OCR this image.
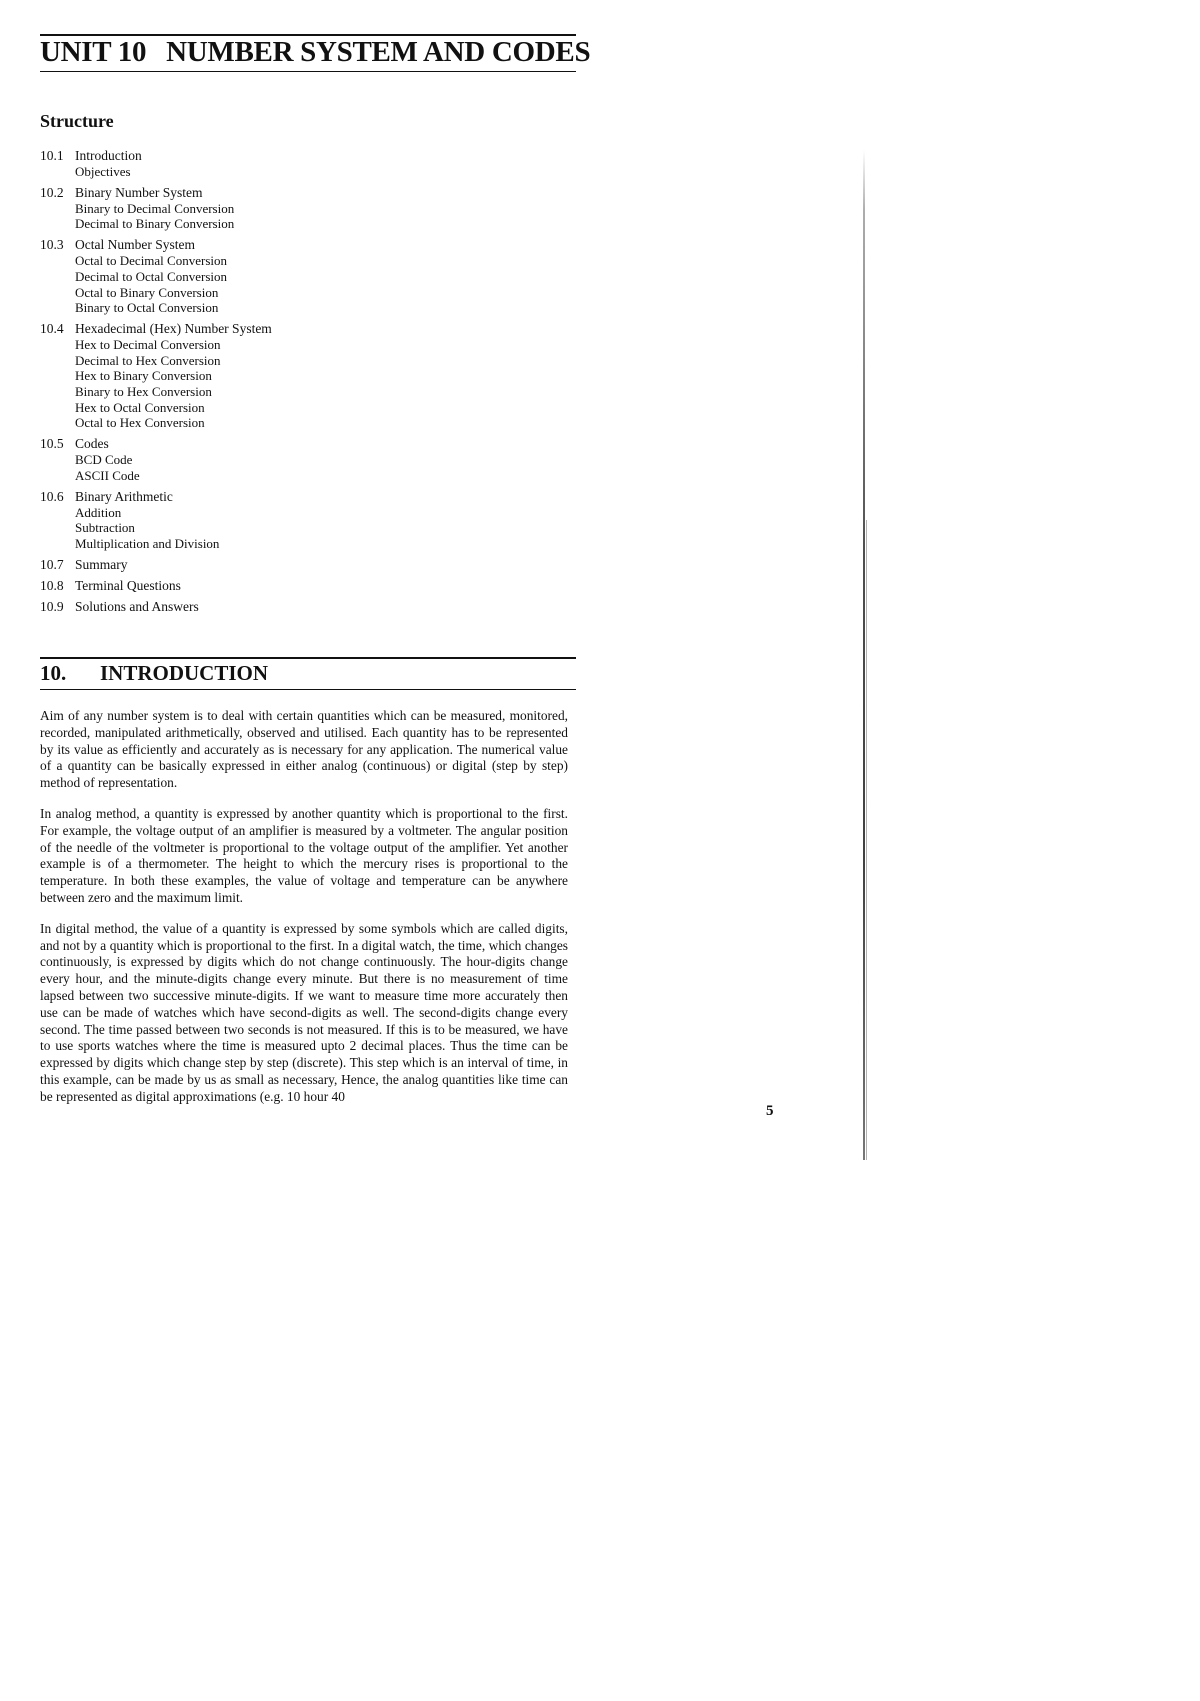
UNIT 10 NUMBER SYSTEM AND CODES
Structure
10.1 Introduction
Objectives
10.2 Binary Number System
Binary to Decimal Conversion
Decimal to Binary Conversion
10.3 Octal Number System
Octal to Decimal Conversion
Decimal to Octal Conversion
Octal to Binary Conversion
Binary to Octal Conversion
10.4 Hexadecimal (Hex) Number System
Hex to Decimal Conversion
Decimal to Hex Conversion
Hex to Binary Conversion
Binary to Hex Conversion
Hex to Octal Conversion
Octal to Hex Conversion
10.5 Codes
BCD Code
ASCII Code
10.6 Binary Arithmetic
Addition
Subtraction
Multiplication and Division
10.7 Summary
10.8 Terminal Questions
10.9 Solutions and Answers
10. INTRODUCTION

Aim of any number system is to deal with certain quantities which can be measured, monitored, recorded, manipulated arithmetically, observed and utilised. Each quantity has to be represented by its value as efficiently and accurately as is necessary for any application. The numerical value of a quantity can be basically expressed in either analog (continuous) or digital (step by step) method of representation.

In analog method, a quantity is expressed by another quantity which is proportional to the first. For example, the voltage output of an amplifier is measured by a voltmeter. The angular position of the needle of the voltmeter is proportional to the voltage output of the amplifier. Yet another example is of a thermometer. The height to which the mercury rises is proportional to the temperature. In both these examples, the value of voltage and temperature can be anywhere between zero and the maximum limit.

In digital method, the value of a quantity is expressed by some symbols which are called digits, and not by a quantity which is proportional to the first. In a digital watch, the time, which changes continuously, is expressed by digits which do not change continuously. The hour-digits change every hour, and the minute-digits change every minute. But there is no measurement of time lapsed between two successive minute-digits. If we want to measure time more accurately then use can be made of watches which have second-digits as well. The second-digits change every second. The time passed between two seconds is not measured. If this is to be measured, we have to use sports watches where the time is measured upto 2 decimal places. Thus the time can be expressed by digits which change step by step (discrete). This step which is an interval of time, in this example, can be made by us as small as necessary, Hence, the analog quantities like time can be represented as digital approximations (e.g. 10 hour 40

5
